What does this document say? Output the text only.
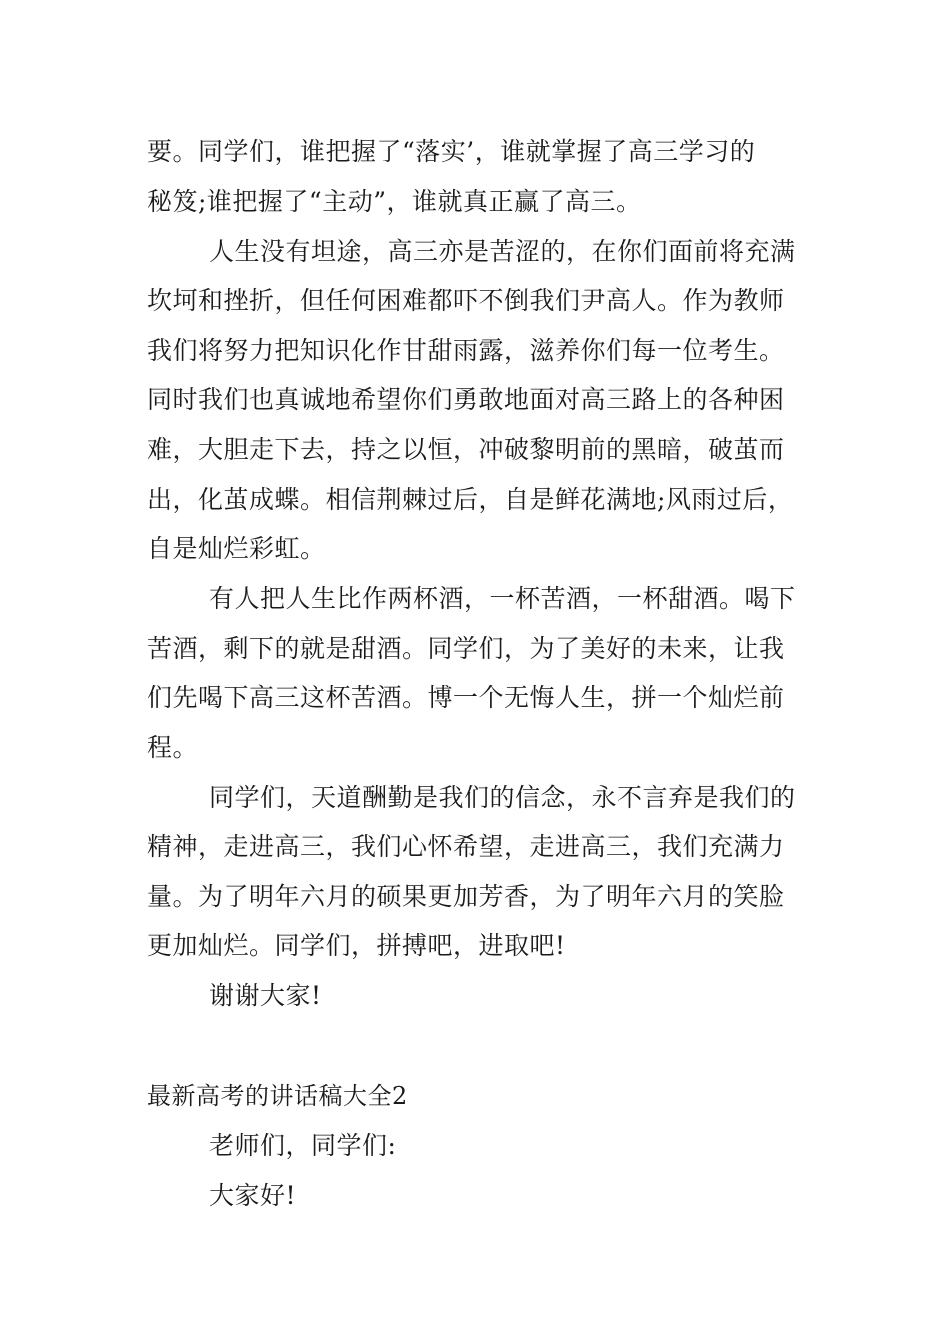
要。同学们，谁把握了“落实’，谁就掌握了高三学习的
秘笈;谁把握了“主动”，谁就真正赢了高三。
人生没有坦途，高三亦是苦涩的，在你们面前将充满
坎坷和挫折，但任何困难都吓不倒我们尹高人。作为教师
我们将努力把知识化作甘甜雨露，滋养你们每一位考生。
同时我们也真诚地希望你们勇敢地面对高三路上的各种困
难，大胆走下去，持之以恒，冲破黎明前的黑暗，破茧而
出，化茧成蝶。相信荆棘过后，自是鲜花满地;风雨过后，
自是灿烂彩虹。
有人把人生比作两杯酒，一杯苦酒，一杯甜酒。喝下
苦酒，剩下的就是甜酒。同学们，为了美好的未来，让我
们先喝下高三这杯苦酒。博一个无悔人生，拼一个灿烂前
程。
同学们，天道酬勤是我们的信念，永不言弃是我们的
精神，走进高三，我们心怀希望，走进高三，我们充满力
量。为了明年六月的硕果更加芳香，为了明年六月的笑脸
更加灿烂。同学们，拼搏吧，进取吧!
谢谢大家!
最新高考的讲话稿大全2
老师们，同学们:
大家好!
